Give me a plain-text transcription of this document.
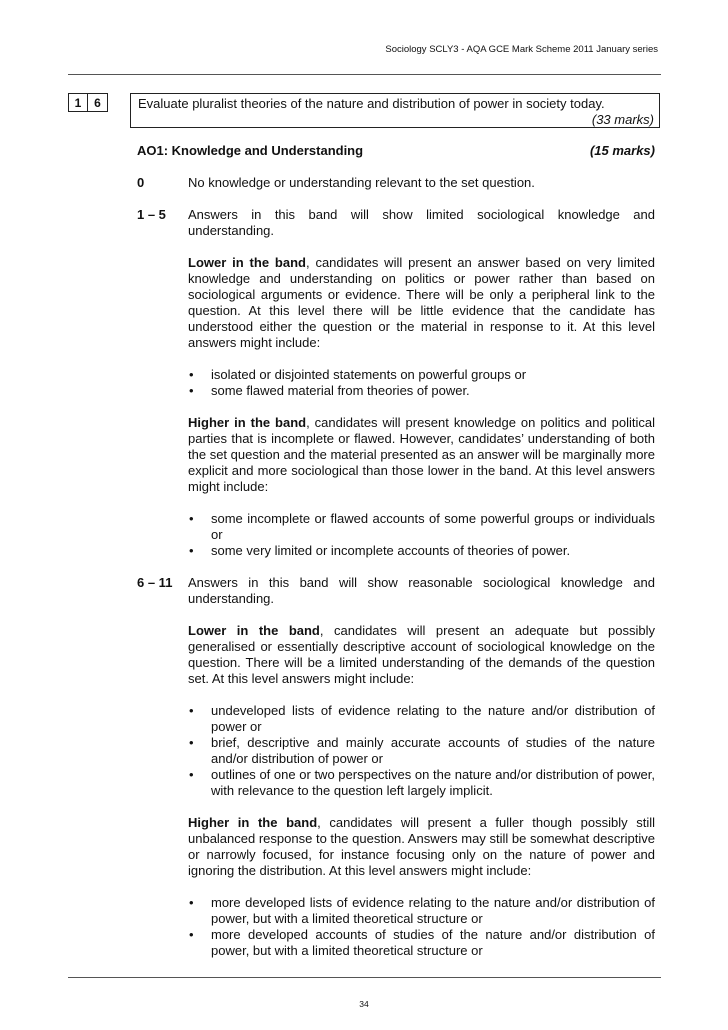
Sociology SCLY3 - AQA GCE Mark Scheme 2011 January series
1	6	Evaluate pluralist theories of the nature and distribution of power in society today.
(33 marks)
AO1: Knowledge and Understanding	(15 marks)
0	No knowledge or understanding relevant to the set question.
1 – 5	Answers in this band will show limited sociological knowledge and understanding.

Lower in the band, candidates will present an answer based on very limited knowledge and understanding on politics or power rather than based on sociological arguments or evidence. There will be only a peripheral link to the question. At this level there will be little evidence that the candidate has understood either the question or the material in response to it. At this level answers might include:

•	isolated or disjointed statements on powerful groups or
•	some flawed material from theories of power.

Higher in the band, candidates will present knowledge on politics and political parties that is incomplete or flawed. However, candidates’ understanding of both the set question and the material presented as an answer will be marginally more explicit and more sociological than those lower in the band. At this level answers might include:

•	some incomplete or flawed accounts of some powerful groups or individuals or
•	some very limited or incomplete accounts of theories of power.
6 – 11	Answers in this band will show reasonable sociological knowledge and understanding.

Lower in the band, candidates will present an adequate but possibly generalised or essentially descriptive account of sociological knowledge on the question. There will be a limited understanding of the demands of the question set. At this level answers might include:

•	undeveloped lists of evidence relating to the nature and/or distribution of power or
•	brief, descriptive and mainly accurate accounts of studies of the nature and/or distribution of power or
•	outlines of one or two perspectives on the nature and/or distribution of power, with relevance to the question left largely implicit.

Higher in the band, candidates will present a fuller though possibly still unbalanced response to the question. Answers may still be somewhat descriptive or narrowly focused, for instance focusing only on the nature of power and ignoring the distribution. At this level answers might include:

•	more developed lists of evidence relating to the nature and/or distribution of power, but with a limited theoretical structure or
•	more developed accounts of studies of the nature and/or distribution of power, but with a limited theoretical structure or
34
